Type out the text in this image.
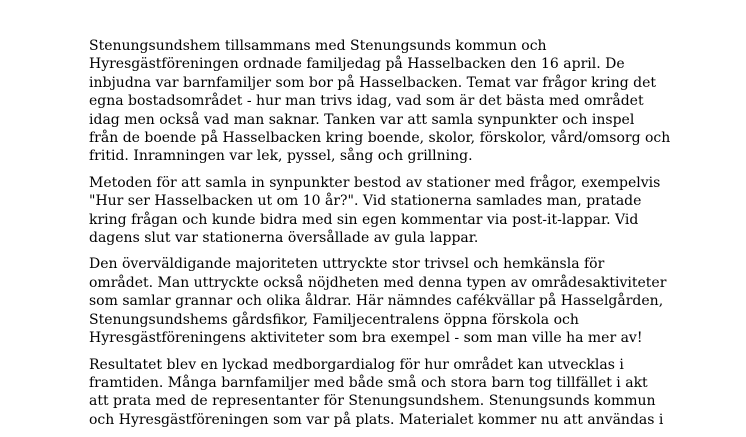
Stenungsundshem tillsammans med Stenungsunds kommun och
Hyresgästföreningen ordnade familjedag på Hasselbacken den 16 april. De
inbjudna var barnfamiljer som bor på Hasselbacken. Temat var frågor kring det
egna bostadsområdet - hur man trivs idag, vad som är det bästa med området
idag men också vad man saknar. Tanken var att samla synpunkter och inspel
från de boende på Hasselbacken kring boende, skolor, förskolor, vård/omsorg och
fritid. Inramningen var lek, pyssel, sång och grillning.

Metoden för att samla in synpunkter bestod av stationer med frågor, exempelvis
"Hur ser Hasselbacken ut om 10 år?". Vid stationerna samlades man, pratade
kring frågan och kunde bidra med sin egen kommentar via post-it-lappar. Vid
dagens slut var stationerna översållade av gula lappar.

Den överväldigande majoriteten uttryckte stor trivsel och hemkänsla för
området. Man uttryckte också nöjdheten med denna typen av områdesaktiviteter
som samlar grannar och olika åldrar. Här nämndes cafékvällar på Hasselgården,
Stenungsundshems gårdsfikor, Familjecentralens öppna förskola och
Hyresgästföreningens aktiviteter som bra exempel - som man ville ha mer av!

Resultatet blev en lyckad medborgardialog för hur området kan utvecklas i
framtiden. Många barnfamiljer med både små och stora barn tog tillfället i akt
att prata med de representanter för Stenungsundshem. Stenungsunds kommun
och Hyresgästföreningen som var på plats. Materialet kommer nu att användas i
